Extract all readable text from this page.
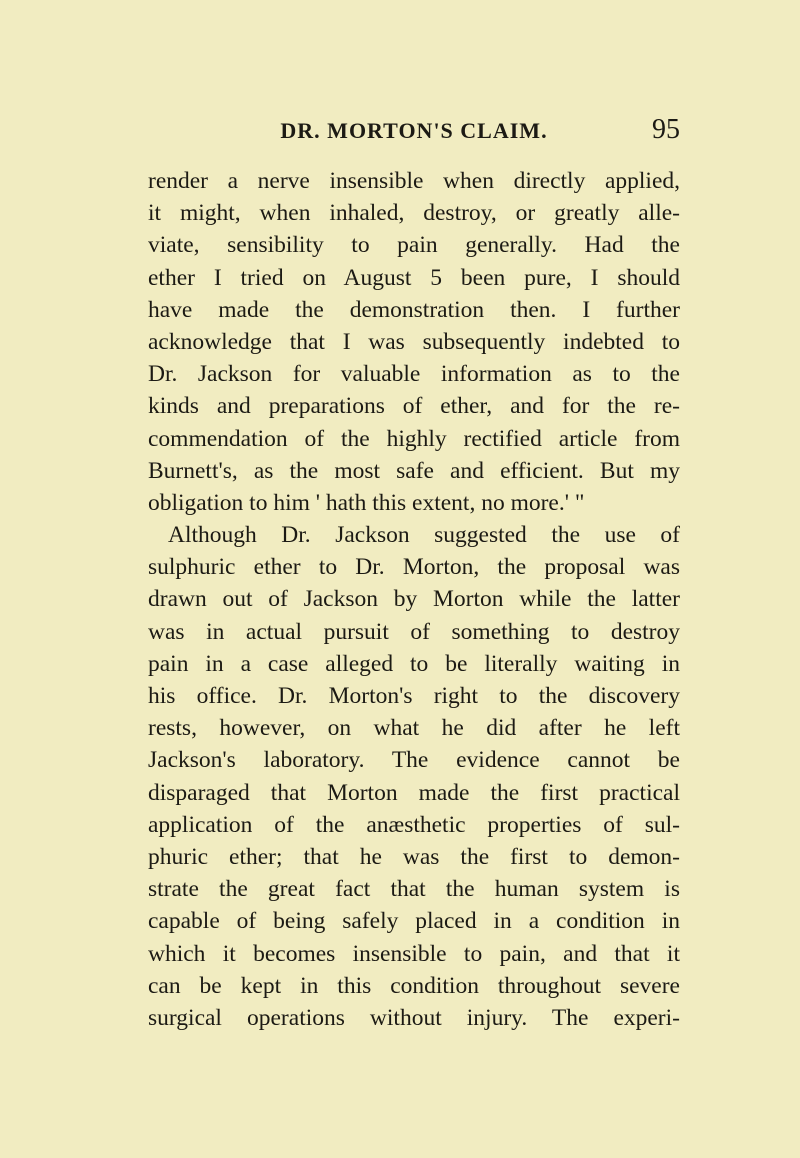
DR. MORTON'S CLAIM.	95
render a nerve insensible when directly applied,
it might, when inhaled, destroy, or greatly alle-
viate, sensibility to pain generally. Had the
ether I tried on August 5 been pure, I should
have made the demonstration then. I further
acknowledge that I was subsequently indebted to
Dr. Jackson for valuable information as to the
kinds and preparations of ether, and for the re-
commendation of the highly rectified article from
Burnett's, as the most safe and efficient. But my
obligation to him ' hath this extent, no more.' "
Although Dr. Jackson suggested the use of
sulphuric ether to Dr. Morton, the proposal was
drawn out of Jackson by Morton while the latter
was in actual pursuit of something to destroy
pain in a case alleged to be literally waiting in
his office. Dr. Morton's right to the discovery
rests, however, on what he did after he left
Jackson's laboratory. The evidence cannot be
disparaged that Morton made the first practical
application of the anæsthetic properties of sul-
phuric ether; that he was the first to demon-
strate the great fact that the human system is
capable of being safely placed in a condition in
which it becomes insensible to pain, and that it
can be kept in this condition throughout severe
surgical operations without injury. The experi-
